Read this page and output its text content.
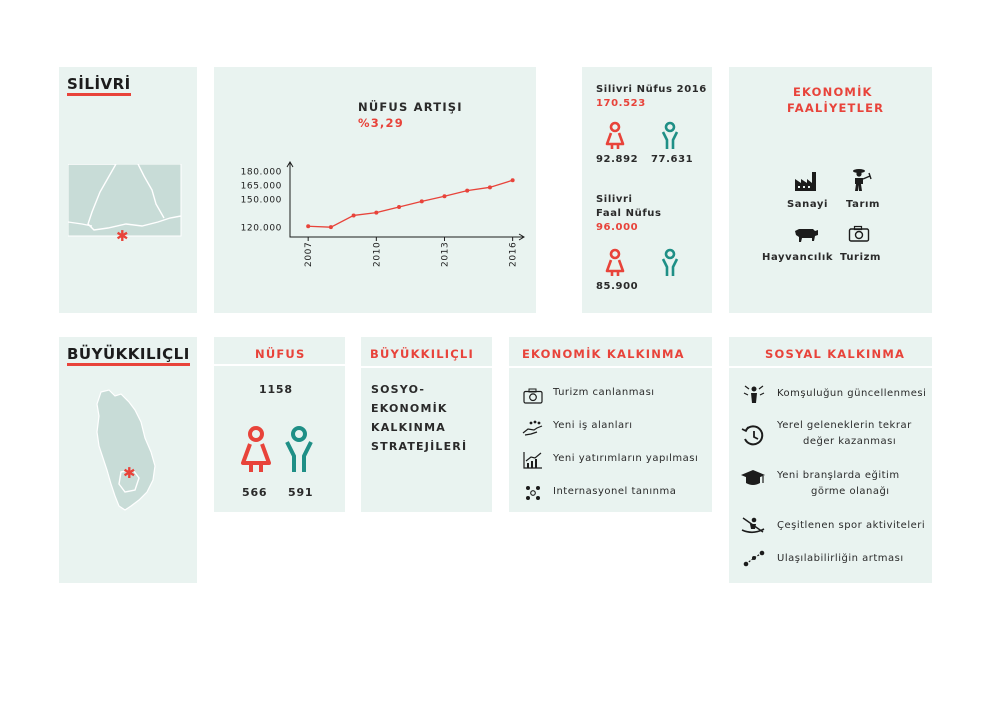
SİLİVRİ
✱
NÜFUS ARTIŞI
%3,29
180.000
165.000
150.000
120.000
2007	2010	2013	2016
Silivri Nüfus 2016
170.523
92.892 77.631
Silivri
Faal Nüfus
96.000
85.900
EKONOMİK
FAALİYETLER
Sanayi Tarım
Hayvancılık Turizm
BÜYÜKKILIÇLI
✱
NÜFUS
1158
566 591
BÜYÜKKILIÇLI
SOSYO-
EKONOMİK
KALKINMA
STRATEJİLERİ
EKONOMİK KALKINMA
Turizm canlanması
Yeni iş alanları
Yeni yatırımların yapılması
Internasyonel tanınma
SOSYAL KALKINMA
Komşuluğun güncellenmesi
Yerel geleneklerin tekrar
değer kazanması
Yeni branşlarda eğitim
görme olanağı
Çeşitlenen spor aktiviteleri
Ulaşılabilirliğin artması
